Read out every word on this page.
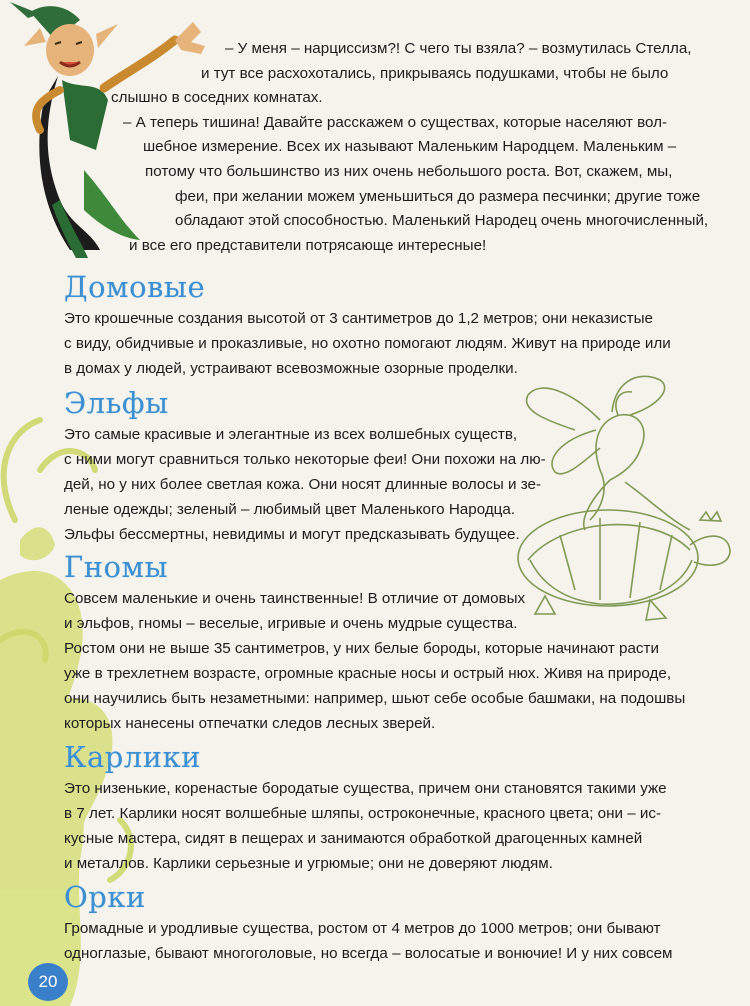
– У меня – нарциссизм?! С чего ты взяла? – возмутилась Стелла,
и тут все расхохотались, прикрываясь подушками, чтобы не было
слышно в соседних комнатах.
– А теперь тишина! Давайте расскажем о существах, которые населяют вол-
шебное измерение. Всех их называют Маленьким Народцем. Маленьким –
потому что большинство из них очень небольшого роста. Вот, скажем, мы,
феи, при желании можем уменьшиться до размера песчинки; другие тоже
обладают этой способностью. Маленький Народец очень многочисленный,
и все его представители потрясающе интересные!
Домовые
Это крошечные создания высотой от 3 сантиметров до 1,2 метров; они неказистые
с виду, обидчивые и проказливые, но охотно помогают людям. Живут на природе или
в домах у людей, устраивают всевозможные озорные проделки.
Эльфы
Это самые красивые и элегантные из всех волшебных существ,
с ними могут сравниться только некоторые феи! Они похожи на лю-
дей, но у них более светлая кожа. Они носят длинные волосы и зе-
леные одежды; зеленый – любимый цвет Маленького Народца.
Эльфы бессмертны, невидимы и могут предсказывать будущее.
Гномы
Совсем маленькие и очень таинственные! В отличие от домовых
и эльфов, гномы – веселые, игривые и очень мудрые существа.
Ростом они не выше 35 сантиметров, у них белые бороды, которые начинают расти
уже в трехлетнем возрасте, огромные красные носы и острый нюх. Живя на природе,
они научились быть незаметными: например, шьют себе особые башмаки, на подошвы
которых нанесены отпечатки следов лесных зверей.
Карлики
Это низенькие, коренастые бородатые существа, причем они становятся такими уже
в 7 лет. Карлики носят волшебные шляпы, остроконечные, красного цвета; они – ис-
кусные мастера, сидят в пещерах и занимаются обработкой драгоценных камней
и металлов. Карлики серьезные и угрюмые; они не доверяют людям.
Орки
Громадные и уродливые существа, ростом от 4 метров до 1000 метров; они бывают
одноглазые, бывают многоголовые, но всегда – волосатые и вонючие! И у них совсем
20
